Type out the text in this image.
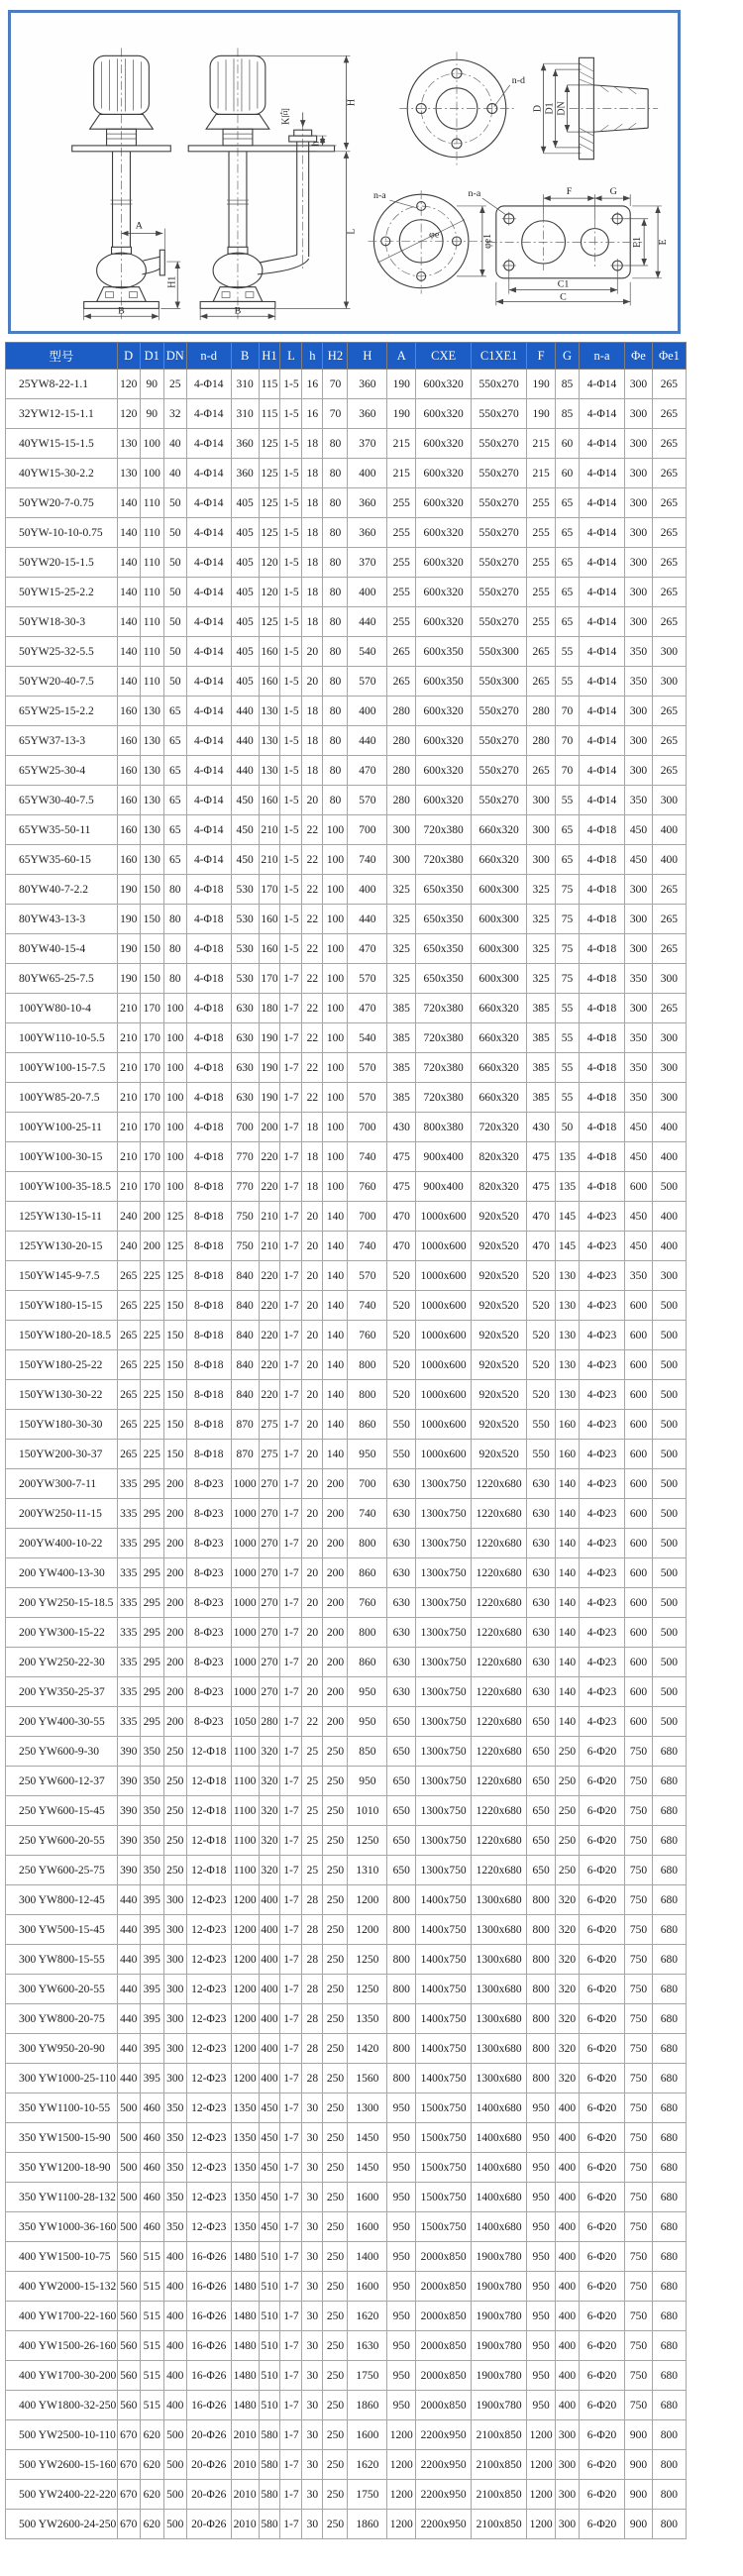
A
H1
B
K向
h
H
L
B
n-d
D D1 DN
n-a
φe	φe1
F	G
n-a
E1 E
C1
C
型号	D	D1	DN	n-d	B	H1	L	h	H2	H	A	CXE	C1XE1	F	G	n-a	Φe	Φe1
25YW8-22-1.1	120	90	25	4-Φ14	310	115	1-5	16	70	360	190	600x320	550x270	190	85	4-Φ14	300	265
32YW12-15-1.1	120	90	32	4-Φ14	310	115	1-5	16	70	360	190	600x320	550x270	190	85	4-Φ14	300	265
40YW15-15-1.5	130	100	40	4-Φ14	360	125	1-5	18	80	370	215	600x320	550x270	215	60	4-Φ14	300	265
40YW15-30-2.2	130	100	40	4-Φ14	360	125	1-5	18	80	400	215	600x320	550x270	215	60	4-Φ14	300	265
50YW20-7-0.75	140	110	50	4-Φ14	405	125	1-5	18	80	360	255	600x320	550x270	255	65	4-Φ14	300	265
50YW-10-10-0.75	140	110	50	4-Φ14	405	125	1-5	18	80	360	255	600x320	550x270	255	65	4-Φ14	300	265
50YW20-15-1.5	140	110	50	4-Φ14	405	120	1-5	18	80	370	255	600x320	550x270	255	65	4-Φ14	300	265
50YW15-25-2.2	140	110	50	4-Φ14	405	120	1-5	18	80	400	255	600x320	550x270	255	65	4-Φ14	300	265
50YW18-30-3	140	110	50	4-Φ14	405	125	1-5	18	80	440	255	600x320	550x270	255	65	4-Φ14	300	265
50YW25-32-5.5	140	110	50	4-Φ14	405	160	1-5	20	80	540	265	600x350	550x300	265	55	4-Φ14	350	300
50YW20-40-7.5	140	110	50	4-Φ14	405	160	1-5	20	80	570	265	600x350	550x300	265	55	4-Φ14	350	300
65YW25-15-2.2	160	130	65	4-Φ14	440	130	1-5	18	80	400	280	600x320	550x270	280	70	4-Φ14	300	265
65YW37-13-3	160	130	65	4-Φ14	440	130	1-5	18	80	440	280	600x320	550x270	280	70	4-Φ14	300	265
65YW25-30-4	160	130	65	4-Φ14	440	130	1-5	18	80	470	280	600x320	550x270	265	70	4-Φ14	300	265
65YW30-40-7.5	160	130	65	4-Φ14	450	160	1-5	20	80	570	280	600x320	550x270	300	55	4-Φ14	350	300
65YW35-50-11	160	130	65	4-Φ14	450	210	1-5	22	100	700	300	720x380	660x320	300	65	4-Φ18	450	400
65YW35-60-15	160	130	65	4-Φ14	450	210	1-5	22	100	740	300	720x380	660x320	300	65	4-Φ18	450	400
80YW40-7-2.2	190	150	80	4-Φ18	530	170	1-5	22	100	400	325	650x350	600x300	325	75	4-Φ18	300	265
80YW43-13-3	190	150	80	4-Φ18	530	160	1-5	22	100	440	325	650x350	600x300	325	75	4-Φ18	300	265
80YW40-15-4	190	150	80	4-Φ18	530	160	1-5	22	100	470	325	650x350	600x300	325	75	4-Φ18	300	265
80YW65-25-7.5	190	150	80	4-Φ18	530	170	1-7	22	100	570	325	650x350	600x300	325	75	4-Φ18	350	300
100YW80-10-4	210	170	100	4-Φ18	630	180	1-7	22	100	470	385	720x380	660x320	385	55	4-Φ18	300	265
100YW110-10-5.5	210	170	100	4-Φ18	630	190	1-7	22	100	540	385	720x380	660x320	385	55	4-Φ18	350	300
100YW100-15-7.5	210	170	100	4-Φ18	630	190	1-7	22	100	570	385	720x380	660x320	385	55	4-Φ18	350	300
100YW85-20-7.5	210	170	100	4-Φ18	630	190	1-7	22	100	570	385	720x380	660x320	385	55	4-Φ18	350	300
100YW100-25-11	210	170	100	4-Φ18	700	200	1-7	18	100	700	430	800x380	720x320	430	50	4-Φ18	450	400
100YW100-30-15	210	170	100	4-Φ18	770	220	1-7	18	100	740	475	900x400	820x320	475	135	4-Φ18	450	400
100YW100-35-18.5	210	170	100	8-Φ18	770	220	1-7	18	100	760	475	900x400	820x320	475	135	4-Φ18	600	500
125YW130-15-11	240	200	125	8-Φ18	750	210	1-7	20	140	700	470	1000x600	920x520	470	145	4-Φ23	450	400
125YW130-20-15	240	200	125	8-Φ18	750	210	1-7	20	140	740	470	1000x600	920x520	470	145	4-Φ23	450	400
150YW145-9-7.5	265	225	125	8-Φ18	840	220	1-7	20	140	570	520	1000x600	920x520	520	130	4-Φ23	350	300
150YW180-15-15	265	225	150	8-Φ18	840	220	1-7	20	140	740	520	1000x600	920x520	520	130	4-Φ23	600	500
150YW180-20-18.5	265	225	150	8-Φ18	840	220	1-7	20	140	760	520	1000x600	920x520	520	130	4-Φ23	600	500
150YW180-25-22	265	225	150	8-Φ18	840	220	1-7	20	140	800	520	1000x600	920x520	520	130	4-Φ23	600	500
150YW130-30-22	265	225	150	8-Φ18	840	220	1-7	20	140	800	520	1000x600	920x520	520	130	4-Φ23	600	500
150YW180-30-30	265	225	150	8-Φ18	870	275	1-7	20	140	860	550	1000x600	920x520	550	160	4-Φ23	600	500
150YW200-30-37	265	225	150	8-Φ18	870	275	1-7	20	140	950	550	1000x600	920x520	550	160	4-Φ23	600	500
200YW300-7-11	335	295	200	8-Φ23	1000	270	1-7	20	200	700	630	1300x750	1220x680	630	140	4-Φ23	600	500
200YW250-11-15	335	295	200	8-Φ23	1000	270	1-7	20	200	740	630	1300x750	1220x680	630	140	4-Φ23	600	500
200YW400-10-22	335	295	200	8-Φ23	1000	270	1-7	20	200	800	630	1300x750	1220x680	630	140	4-Φ23	600	500
200 YW400-13-30	335	295	200	8-Φ23	1000	270	1-7	20	200	860	630	1300x750	1220x680	630	140	4-Φ23	600	500
200 YW250-15-18.5	335	295	200	8-Φ23	1000	270	1-7	20	200	760	630	1300x750	1220x680	630	140	4-Φ23	600	500
200 YW300-15-22	335	295	200	8-Φ23	1000	270	1-7	20	200	800	630	1300x750	1220x680	630	140	4-Φ23	600	500
200 YW250-22-30	335	295	200	8-Φ23	1000	270	1-7	20	200	860	630	1300x750	1220x680	630	140	4-Φ23	600	500
200 YW350-25-37	335	295	200	8-Φ23	1000	270	1-7	20	200	950	630	1300x750	1220x680	630	140	4-Φ23	600	500
200 YW400-30-55	335	295	200	8-Φ23	1050	280	1-7	22	200	950	650	1300x750	1220x680	650	140	4-Φ23	600	500
250 YW600-9-30	390	350	250	12-Φ18	1100	320	1-7	25	250	850	650	1300x750	1220x680	650	250	6-Φ20	750	680
250 YW600-12-37	390	350	250	12-Φ18	1100	320	1-7	25	250	950	650	1300x750	1220x680	650	250	6-Φ20	750	680
250 YW600-15-45	390	350	250	12-Φ18	1100	320	1-7	25	250	1010	650	1300x750	1220x680	650	250	6-Φ20	750	680
250 YW600-20-55	390	350	250	12-Φ18	1100	320	1-7	25	250	1250	650	1300x750	1220x680	650	250	6-Φ20	750	680
250 YW600-25-75	390	350	250	12-Φ18	1100	320	1-7	25	250	1310	650	1300x750	1220x680	650	250	6-Φ20	750	680
300 YW800-12-45	440	395	300	12-Φ23	1200	400	1-7	28	250	1200	800	1400x750	1300x680	800	320	6-Φ20	750	680
300 YW500-15-45	440	395	300	12-Φ23	1200	400	1-7	28	250	1200	800	1400x750	1300x680	800	320	6-Φ20	750	680
300 YW800-15-55	440	395	300	12-Φ23	1200	400	1-7	28	250	1250	800	1400x750	1300x680	800	320	6-Φ20	750	680
300 YW600-20-55	440	395	300	12-Φ23	1200	400	1-7	28	250	1250	800	1400x750	1300x680	800	320	6-Φ20	750	680
300 YW800-20-75	440	395	300	12-Φ23	1200	400	1-7	28	250	1350	800	1400x750	1300x680	800	320	6-Φ20	750	680
300 YW950-20-90	440	395	300	12-Φ23	1200	400	1-7	28	250	1420	800	1400x750	1300x680	800	320	6-Φ20	750	680
300 YW1000-25-110	440	395	300	12-Φ23	1200	400	1-7	28	250	1560	800	1400x750	1300x680	800	320	6-Φ20	750	680
350 YW1100-10-55	500	460	350	12-Φ23	1350	450	1-7	30	250	1300	950	1500x750	1400x680	950	400	6-Φ20	750	680
350 YW1500-15-90	500	460	350	12-Φ23	1350	450	1-7	30	250	1450	950	1500x750	1400x680	950	400	6-Φ20	750	680
350 YW1200-18-90	500	460	350	12-Φ23	1350	450	1-7	30	250	1450	950	1500x750	1400x680	950	400	6-Φ20	750	680
350 YW1100-28-132	500	460	350	12-Φ23	1350	450	1-7	30	250	1600	950	1500x750	1400x680	950	400	6-Φ20	750	680
350 YW1000-36-160	500	460	350	12-Φ23	1350	450	1-7	30	250	1600	950	1500x750	1400x680	950	400	6-Φ20	750	680
400 YW1500-10-75	560	515	400	16-Φ26	1480	510	1-7	30	250	1400	950	2000x850	1900x780	950	400	6-Φ20	750	680
400 YW2000-15-132	560	515	400	16-Φ26	1480	510	1-7	30	250	1600	950	2000x850	1900x780	950	400	6-Φ20	750	680
400 YW1700-22-160	560	515	400	16-Φ26	1480	510	1-7	30	250	1620	950	2000x850	1900x780	950	400	6-Φ20	750	680
400 YW1500-26-160	560	515	400	16-Φ26	1480	510	1-7	30	250	1630	950	2000x850	1900x780	950	400	6-Φ20	750	680
400 YW1700-30-200	560	515	400	16-Φ26	1480	510	1-7	30	250	1750	950	2000x850	1900x780	950	400	6-Φ20	750	680
400 YW1800-32-250	560	515	400	16-Φ26	1480	510	1-7	30	250	1860	950	2000x850	1900x780	950	400	6-Φ20	750	680
500 YW2500-10-110	670	620	500	20-Φ26	2010	580	1-7	30	250	1600	1200	2200x950	2100x850	1200	300	6-Φ20	900	800
500 YW2600-15-160	670	620	500	20-Φ26	2010	580	1-7	30	250	1620	1200	2200x950	2100x850	1200	300	6-Φ20	900	800
500 YW2400-22-220	670	620	500	20-Φ26	2010	580	1-7	30	250	1750	1200	2200x950	2100x850	1200	300	6-Φ20	900	800
500 YW2600-24-250	670	620	500	20-Φ26	2010	580	1-7	30	250	1860	1200	2200x950	2100x850	1200	300	6-Φ20	900	800
